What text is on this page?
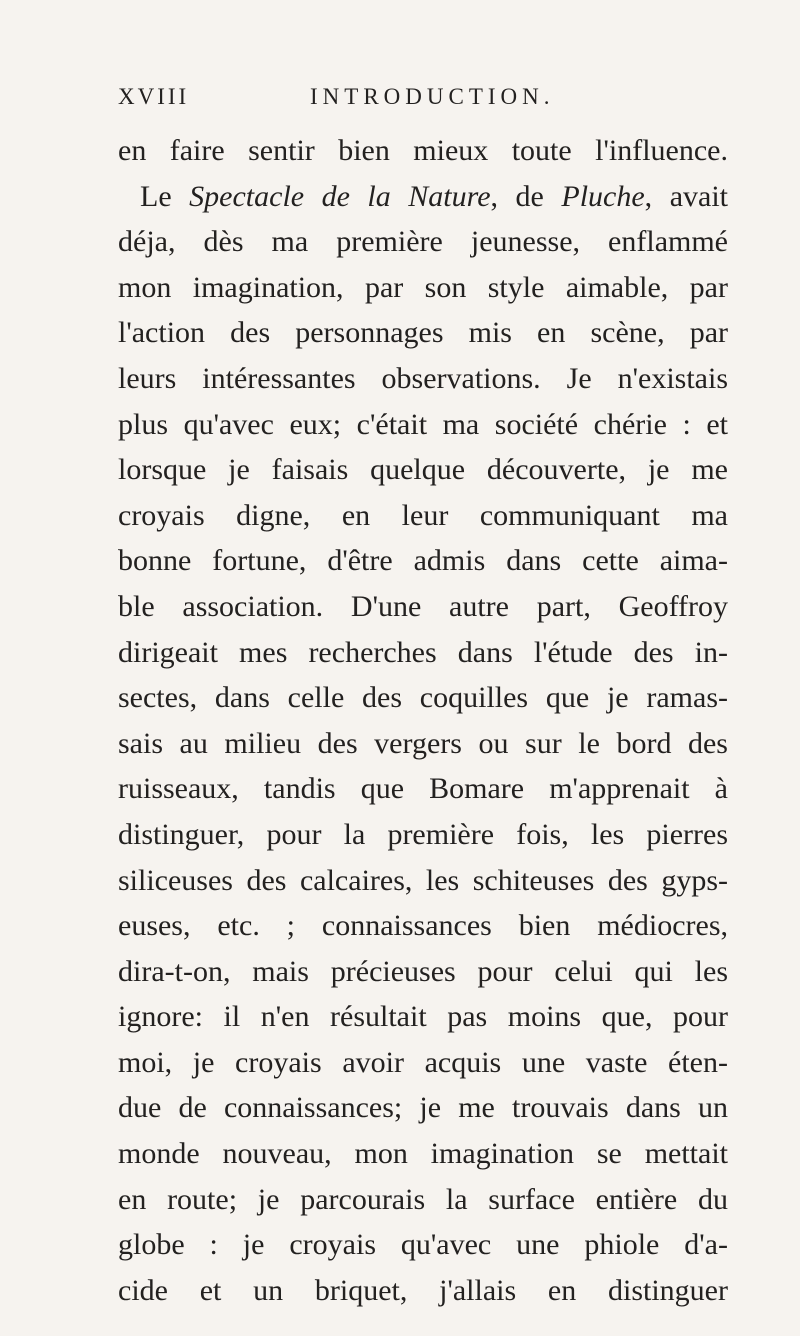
XVIII	INTRODUCTION.
en faire sentir bien mieux toute l'influence.
Le Spectacle de la Nature, de Pluche, avait
déja, dès ma première jeunesse, enflammé
mon imagination, par son style aimable, par
l'action des personnages mis en scène, par
leurs intéressantes observations. Je n'existais
plus qu'avec eux; c'était ma société chérie : et
lorsque je faisais quelque découverte, je me
croyais digne, en leur communiquant ma
bonne fortune, d'être admis dans cette aima-
ble association. D'une autre part, Geoffroy
dirigeait mes recherches dans l'étude des in-
sectes, dans celle des coquilles que je ramas-
sais au milieu des vergers ou sur le bord des
ruisseaux, tandis que Bomare m'apprenait à
distinguer, pour la première fois, les pierres
siliceuses des calcaires, les schiteuses des gyps-
euses, etc. ; connaissances bien médiocres,
dira-t-on, mais précieuses pour celui qui les
ignore: il n'en résultait pas moins que, pour
moi, je croyais avoir acquis une vaste éten-
due de connaissances; je me trouvais dans un
monde nouveau, mon imagination se mettait
en route; je parcourais la surface entière du
globe : je croyais qu'avec une phiole d'a-
cide et un briquet, j'allais en distinguer
